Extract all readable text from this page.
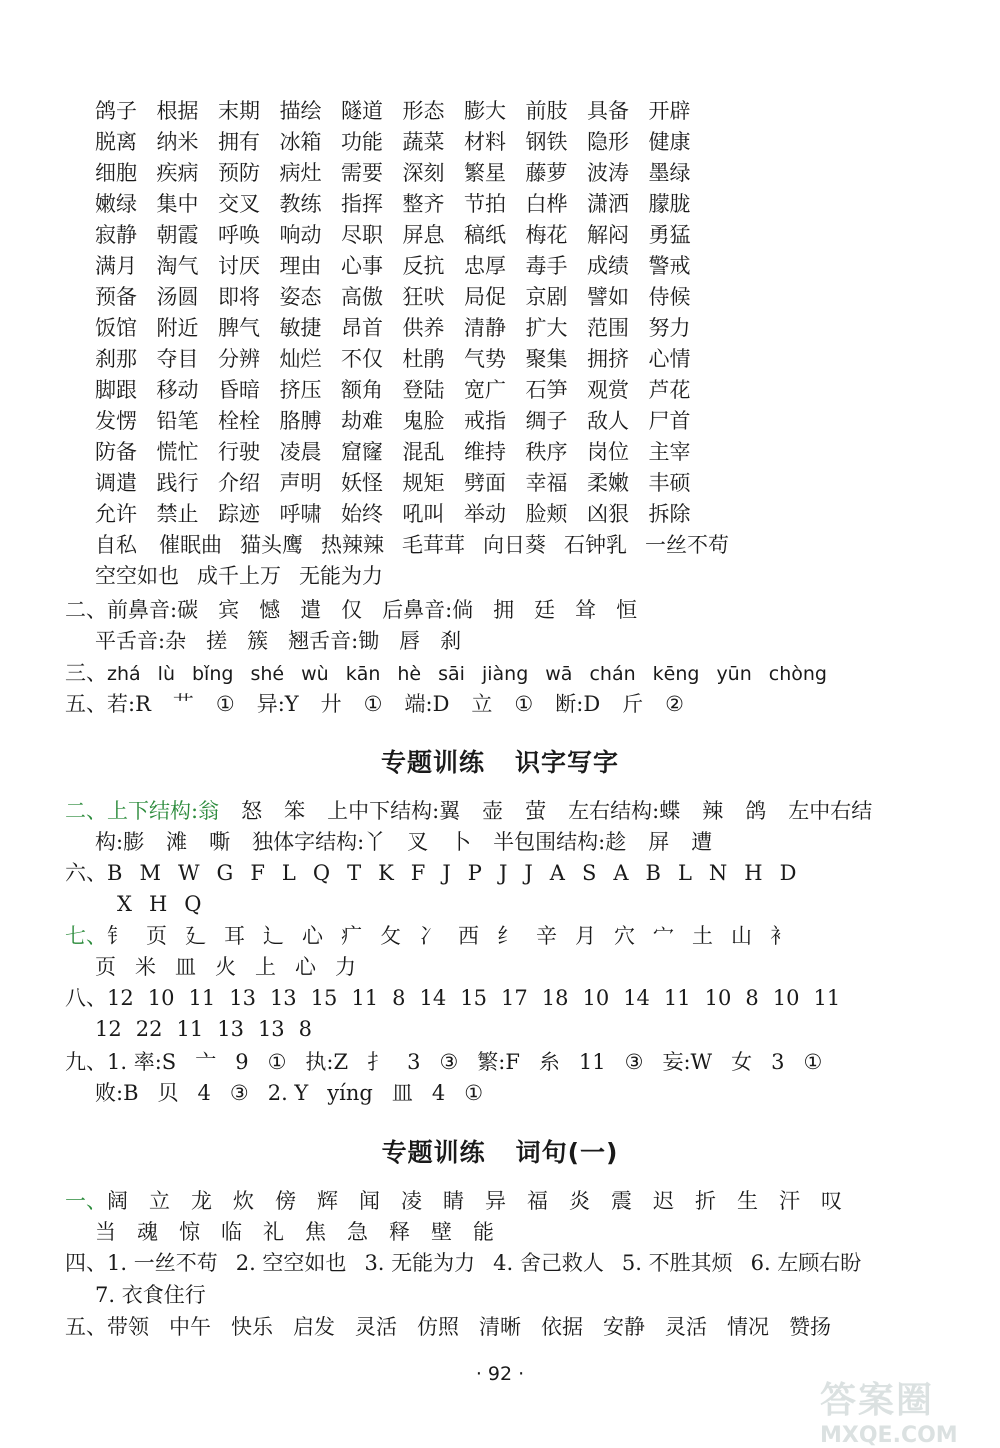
鸽子 根据 末期 描绘 隧道 形态 膨大 前肢 具备 开辟
脱离 纳米 拥有 冰箱 功能 蔬菜 材料 钢铁 隐形 健康
细胞 疾病 预防 病灶 需要 深刻 繁星 藤萝 波涛 墨绿
嫩绿 集中 交叉 教练 指挥 整齐 节拍 白桦 潇洒 朦胧
寂静 朝霞 呼唤 响动 尽职 屏息 稿纸 梅花 解闷 勇猛
满月 淘气 讨厌 理由 心事 反抗 忠厚 毒手 成绩 警戒
预备 汤圆 即将 姿态 高傲 狂吠 局促 京剧 譬如 侍候
饭馆 附近 脾气 敏捷 昂首 供养 清静 扩大 范围 努力
刹那 夺目 分辨 灿烂 不仅 杜鹃 气势 聚集 拥挤 心情
脚跟 移动 昏暗 挤压 额角 登陆 宽广 石笋 观赏 芦花
发愣 铅笔 栓栓 胳膊 劫难 鬼脸 戒指 绸子 敌人 尸首
防备 慌忙 行驶 凌晨 窟窿 混乱 维持 秩序 岗位 主宰
调遣 践行 介绍 声明 妖怪 规矩 劈面 幸福 柔嫩 丰硕
允许 禁止 踪迹 呼啸 始终 吼叫 举动 脸颊 凶狠 拆除
自私 催眠曲 猫头鹰 热辣辣 毛茸茸 向日葵 石钟乳 一丝不苟
空空如也 成千上万 无能为力
二、前鼻音:碳 宾 憾 遣 仅 后鼻音:倘 拥 廷 耸 恒
平舌音:杂 搓 簇 翘舌音:锄 唇 刹
三、zhá lù bǐng shé wù kān hè sāi jiàng wā chán kēng yūn chòng
五、若:R 艹 ① 异:Y 廾 ① 端:D 立 ① 断:D 斤 ②
专题训练 识字写字
二、上下结构:翁 怒 笨 上中下结构:翼 壶 萤 左右结构:蝶 辣 鸽 左中右结
构:膨 滩 嘶 独体字结构:丫 叉 卜 半包围结构:趁 屏 遭
六、B M W G F L Q T K F J P J J A S A B L N H D
X H Q
七、钅 页 廴 耳 辶 心 疒 攵 冫 西 纟 辛 月 穴 宀 土 山 衤
页 米 皿 火 上 心 力
八、12 10 11 13 13 15 11 8 14 15 17 18 10 14 11 10 8 10 11
12 22 11 13 13 8
九、1. 率:S 亠 9 ① 执:Z 扌 3 ③ 繁:F 糸 11 ③ 妄:W 女 3 ①
败:B 贝 4 ③ 2. Y yíng 皿 4 ①
专题训练 词句(一)
一、阔 立 龙 炊 傍 辉 闻 凌 睛 异 福 炎 震 迟 折 生 汗 叹
当 魂 惊 临 礼 焦 急 释 壁 能
四、1. 一丝不苟 2. 空空如也 3. 无能为力 4. 舍己救人 5. 不胜其烦 6. 左顾右盼
7. 衣食住行
五、带领 中午 快乐 启发 灵活 仿照 清晰 依据 安静 灵活 情况 赞扬
· 92 ·
答案圈
MXQE.COM
